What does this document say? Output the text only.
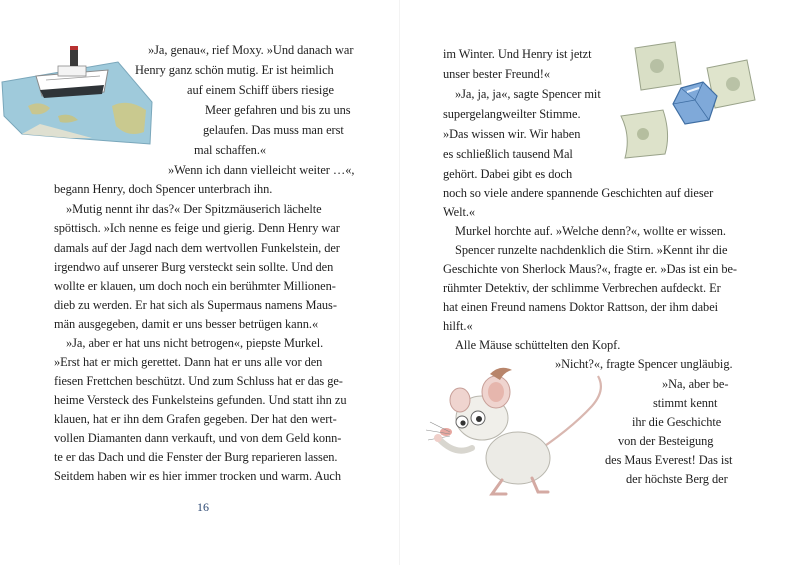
»Ja, genau«, rief Moxy. »Und danach war

Henry ganz schön mutig. Er ist heimlich

auf einem Schiff übers riesige

Meer gefahren und bis zu uns

gelaufen. Das muss man erst

mal schaffen.«

»Wenn ich dann vielleicht weiter …«,

begann Henry, doch Spencer unterbrach ihn.

»Mutig nennt ihr das?« Der Spitzmäuserich lächelte

spöttisch. »Ich nenne es feige und gierig. Denn Henry war

damals auf der Jagd nach dem wertvollen Funkelstein, der

irgendwo auf unserer Burg versteckt sein sollte. Und den

wollte er klauen, um doch noch ein berühmter Millionen-

dieb zu werden. Er hat sich als Supermaus namens Maus-

män ausgegeben, damit er uns besser betrügen kann.«

»Ja, aber er hat uns nicht betrogen«, piepste Murkel.

»Erst hat er mich gerettet. Dann hat er uns alle vor den

fiesen Frettchen beschützt. Und zum Schluss hat er das ge-

heime Versteck des Funkelsteins gefunden. Und statt ihn zu

klauen, hat er ihn dem Grafen gegeben. Der hat den wert-

vollen Diamanten dann verkauft, und von dem Geld konn-

te er das Dach und die Fenster der Burg reparieren lassen.

Seitdem haben wir es hier immer trocken und warm. Auch

16

im Winter. Und Henry ist jetzt

unser bester Freund!«

»Ja, ja, ja«, sagte Spencer mit

supergelangweilter Stimme.

»Das wissen wir. Wir haben

es schließlich tausend Mal

gehört. Dabei gibt es doch

noch so viele andere spannende Geschichten auf dieser

Welt.«

Murkel horchte auf. »Welche denn?«, wollte er wissen.

Spencer runzelte nachdenklich die Stirn. »Kennt ihr die

Geschichte von Sherlock Maus?«, fragte er. »Das ist ein be-

rühmter Detektiv, der schlimme Verbrechen aufdeckt. Er

hat einen Freund namens Doktor Rattson, der ihm dabei

hilft.«

Alle Mäuse schüttelten den Kopf.

»Nicht?«, fragte Spencer ungläubig.

»Na, aber be-

stimmt kennt

ihr die Geschichte

von der Besteigung

des Maus Everest! Das ist

der höchste Berg der
